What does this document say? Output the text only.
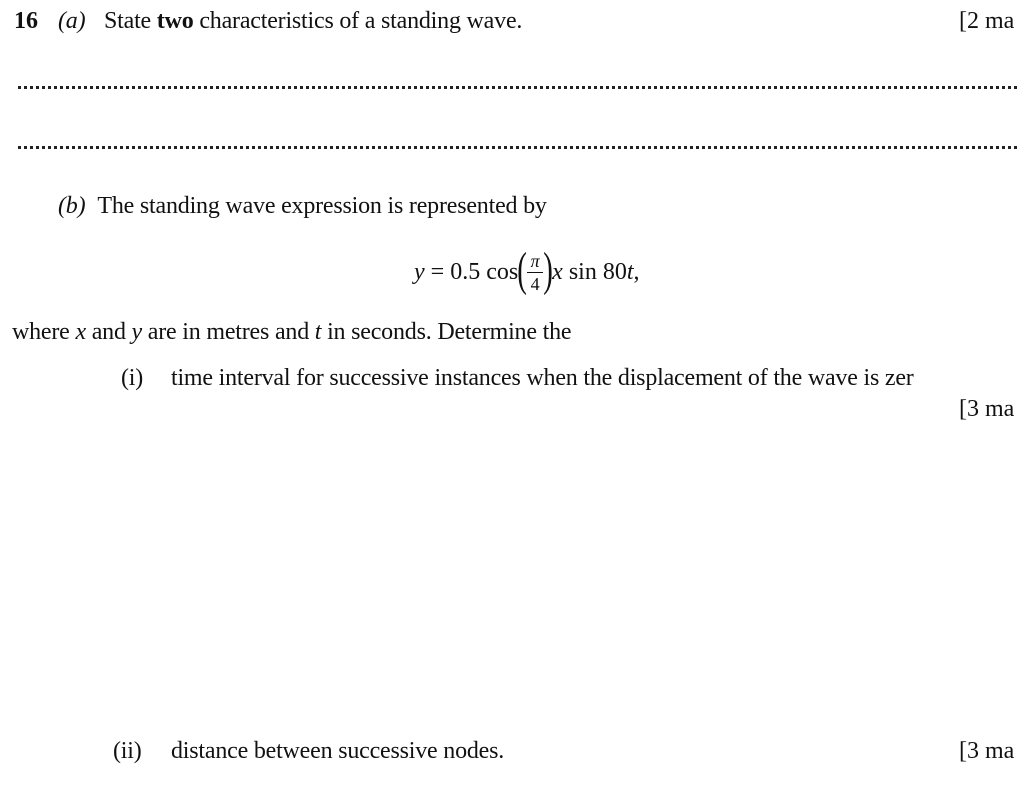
16 (a) State two characteristics of a standing wave.	[2 ma
(b) The standing wave expression is represented by
y = 0.5 cos ( $\frac{\pi}{4}$ ) x sin 80 t ,
where x and y are in metres and t in seconds. Determine the
(i) time interval for successive instances when the displacement of the wave is zer
[3 ma
(ii) distance between successive nodes.	[3 ma
